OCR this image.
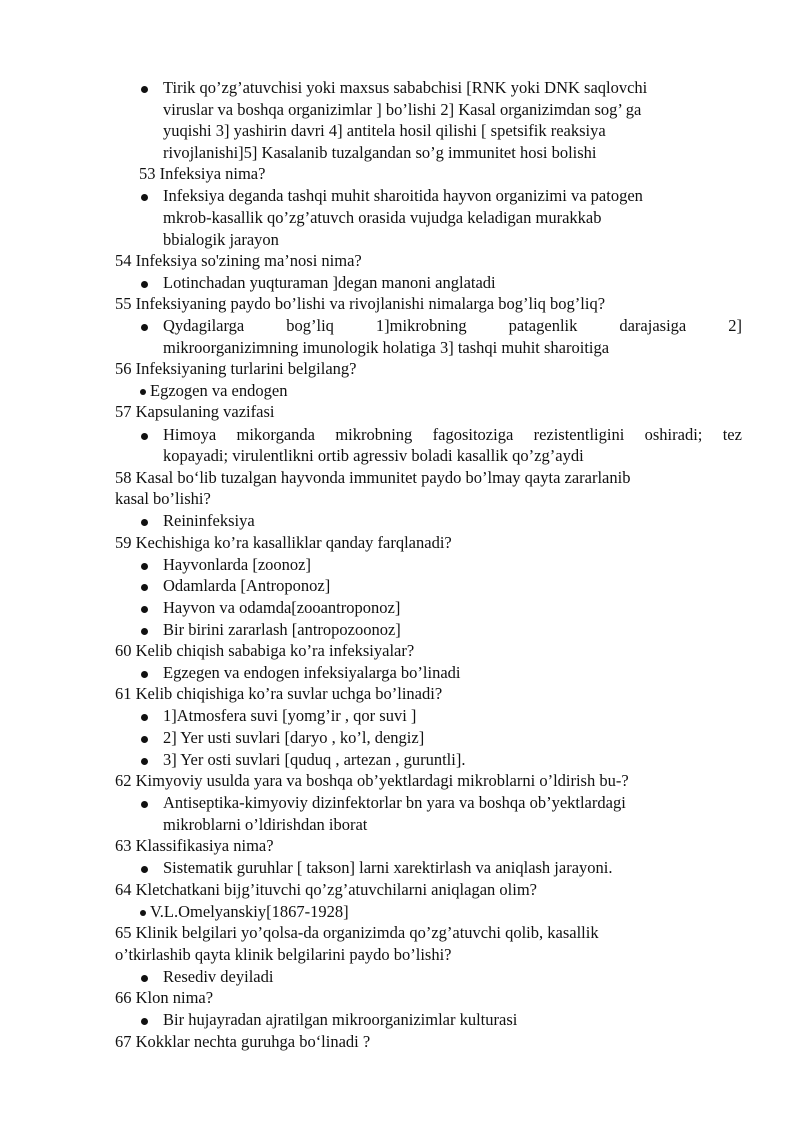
Tirik qo’zg’atuvchisi yoki maxsus sababchisi [RNK yoki DNK saqlovchi
viruslar va boshqa organizimlar ] bo’lishi 2] Kasal organizimdan sog’ ga
yuqishi 3] yashirin davri 4] antitela hosil qilishi [ spetsifik reaksiya
rivojlanishi]5] Kasalanib tuzalgandan so’g immunitet hosi bolishi
53 Infeksiya nima?
Infeksiya deganda tashqi muhit sharoitida hayvon organizimi va patogen
mkrob-kasallik qo’zg’atuvch orasida vujudga keladigan murakkab
bbialogik jarayon
54 Infeksiya so'zining ma’nosi nima?
Lotinchadan yuqturaman ]degan manoni anglatadi
55 Infeksiyaning paydo bo’lishi va rivojlanishi nimalarga bog’liq bog’liq?
Qydagilarga	bog’liq	1]mikrobning	patagenlik	darajasiga	2]
mikroorganizimning imunologik holatiga 3] tashqi muhit sharoitiga
56 Infeksiyaning turlarini belgilang?
Egzogen va endogen
57 Kapsulaning vazifasi
Himoya mikorganda mikrobning fagositoziga rezistentligini oshiradi; tez
kopayadi; virulentlikni ortib agressiv boladi kasallik qo’zg’aydi
58 Kasal bo‘lib tuzalgan hayvonda immunitet paydo bo’lmay qayta zararlanib
kasal bo’lishi?
Reininfeksiya
59 Kechishiga ko’ra kasalliklar qanday farqlanadi?
Hayvonlarda [zoonoz]
Odamlarda [Antroponoz]
Hayvon va odamda[zooantroponoz]
Bir birini zararlash [antropozoonoz]
60 Kelib chiqish sababiga ko’ra infeksiyalar?
Egzegen va endogen infeksiyalarga bo’linadi
61 Kelib chiqishiga ko’ra suvlar uchga bo’linadi?
1]Atmosfera suvi [yomg’ir , qor suvi ]
2] Yer usti suvlari [daryo , ko’l, dengiz]
3] Yer osti suvlari [quduq , artezan , guruntli].
62 Kimyoviy usulda yara va boshqa ob’yektlardagi mikroblarni o’ldirish bu-?
Antiseptika-kimyoviy dizinfektorlar bn yara va boshqa ob’yektlardagi
mikroblarni o’ldirishdan iborat
63 Klassifikasiya nima?
Sistematik guruhlar [ takson] larni xarektirlash va aniqlash jarayoni.
64 Kletchatkani bijg’ituvchi qo’zg’atuvchilarni aniqlagan olim?
V.L.Omelyanskiy[1867-1928]
65 Klinik belgilari yo’qolsa-da organizimda qo’zg’atuvchi qolib, kasallik
o’tkirlashib qayta klinik belgilarini paydo bo’lishi?
Resediv deyiladi
66 Klon nima?
Bir hujayradan ajratilgan mikroorganizimlar kulturasi
67 Kokklar nechta guruhga bo‘linadi ?
